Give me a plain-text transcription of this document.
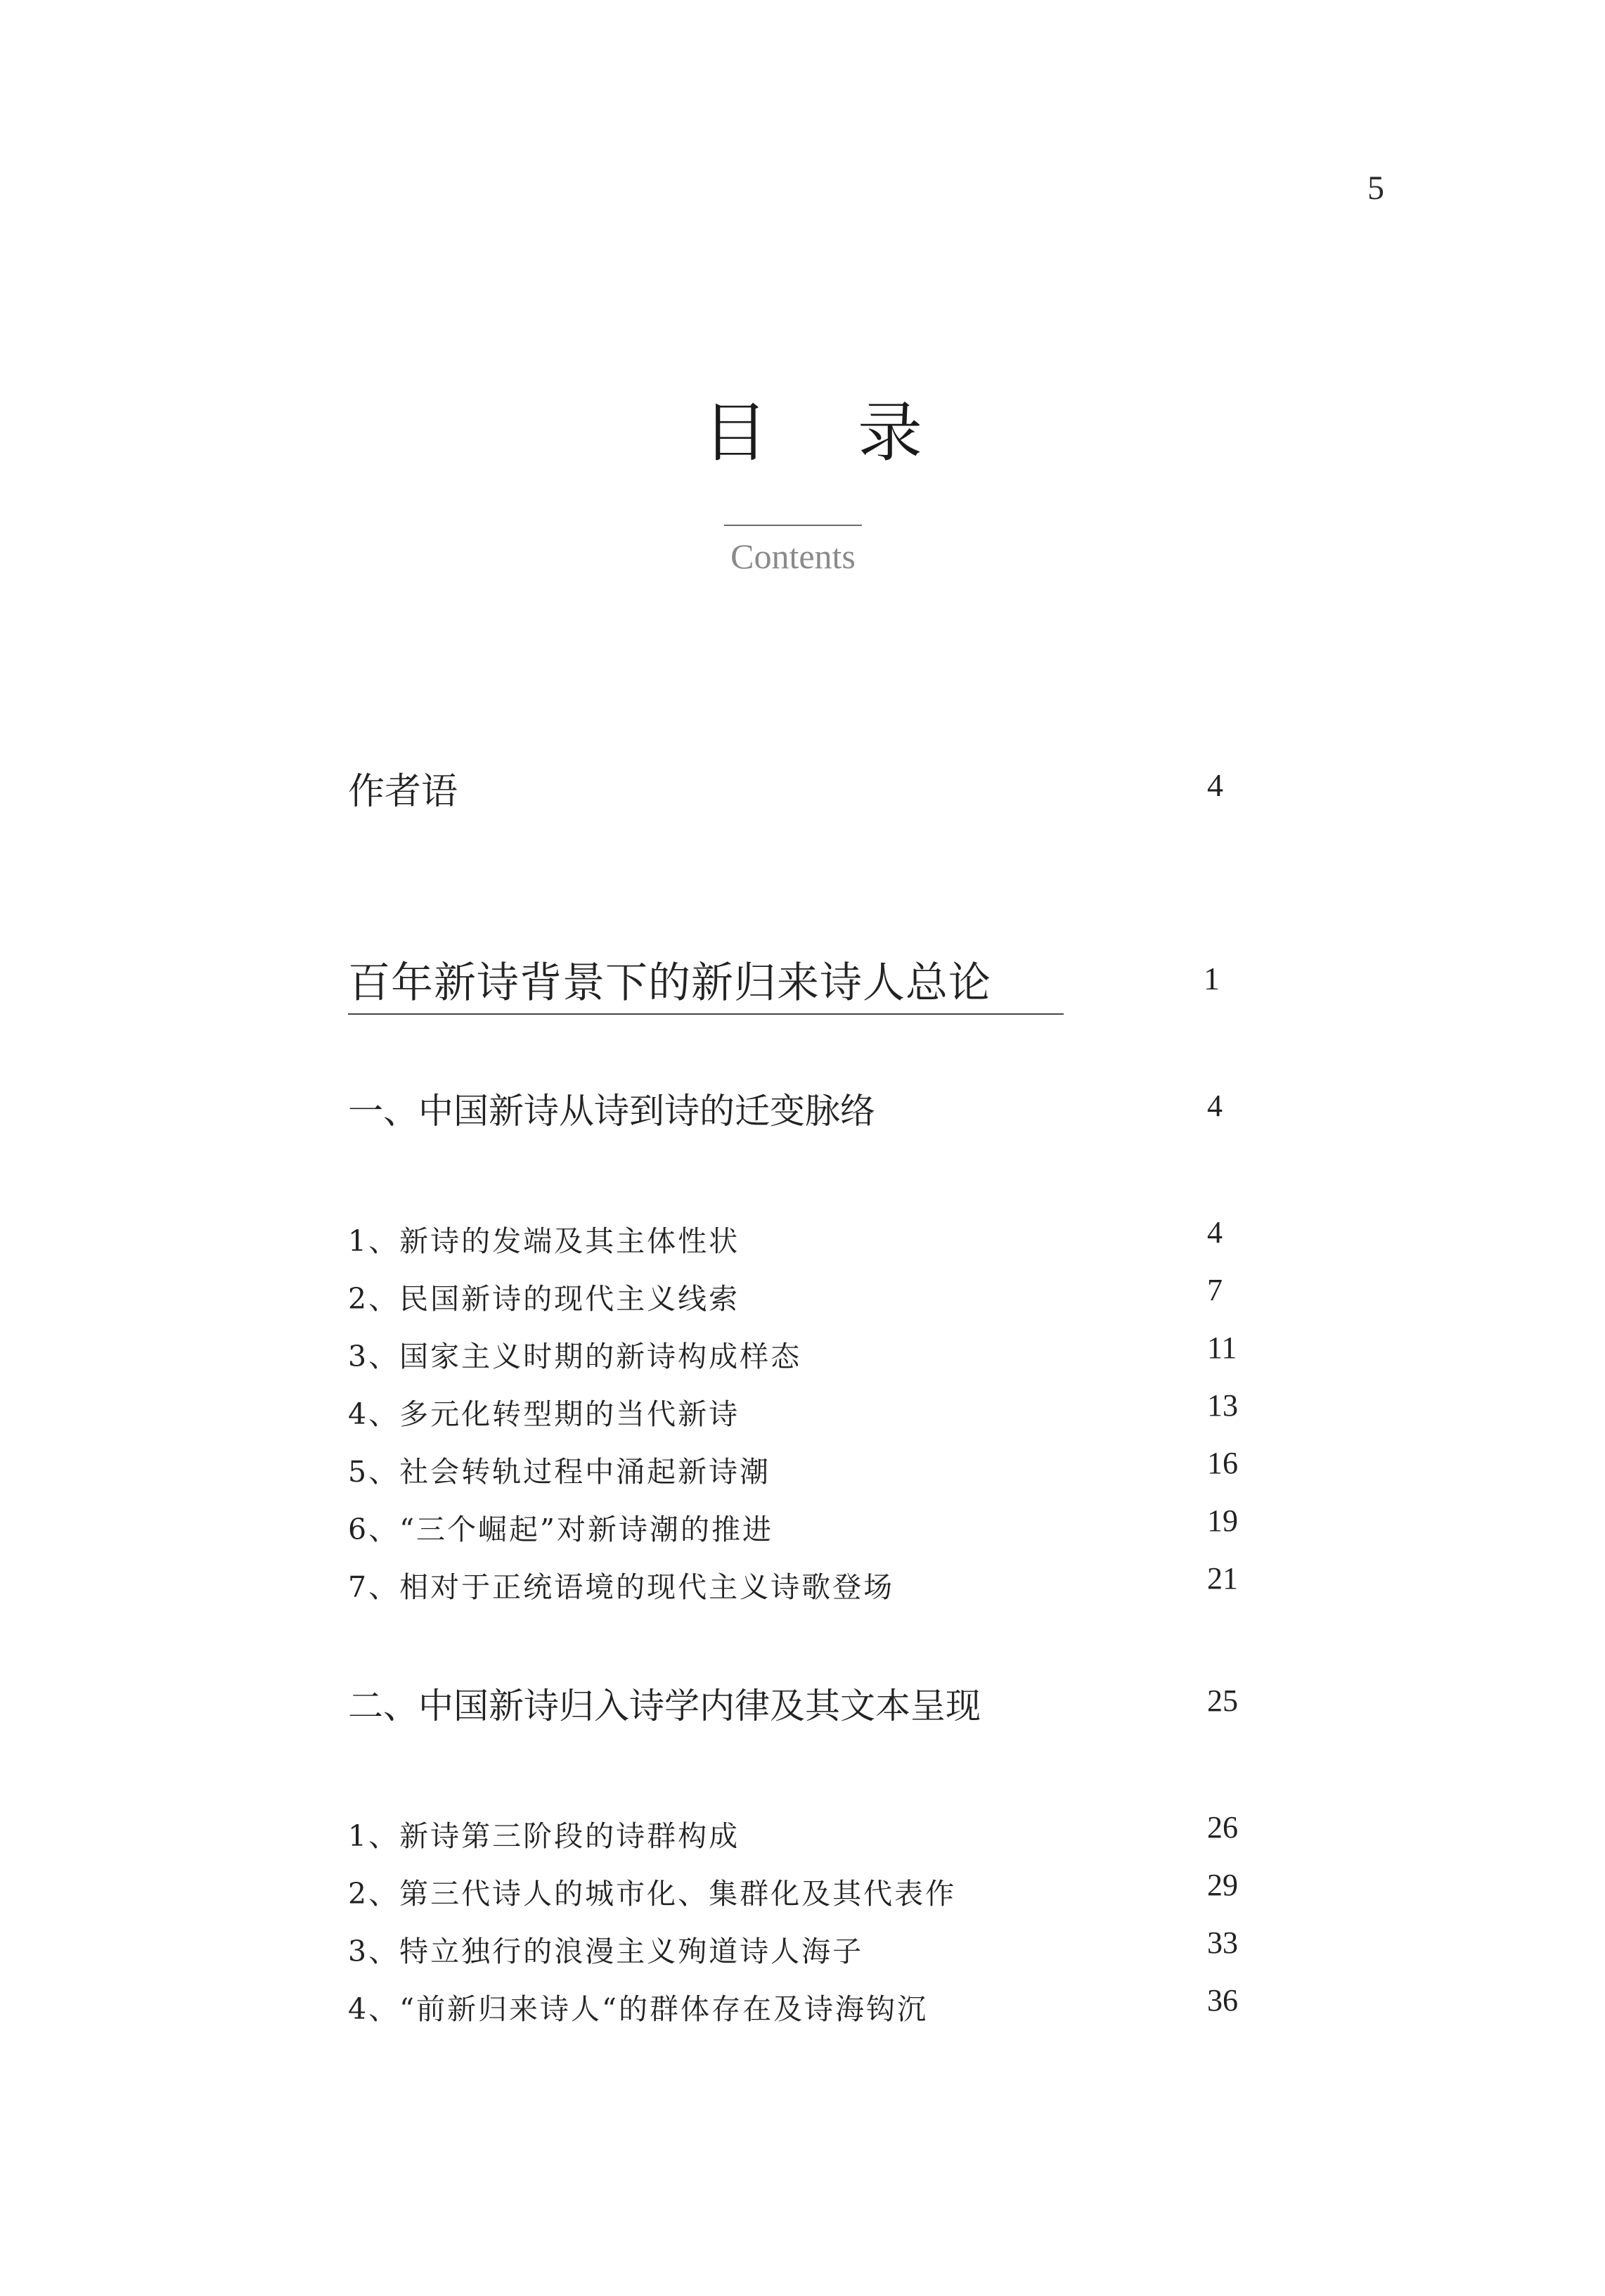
5
目录
Contents
作者语	4
百年新诗背景下的新归来诗人总论	1
一、中国新诗从诗到诗的迁变脉络	4
1、新诗的发端及其主体性状	4
2、民国新诗的现代主义线索	7
3、国家主义时期的新诗构成样态	11
4、多元化转型期的当代新诗	13
5、社会转轨过程中涌起新诗潮	16
6、“三个崛起”对新诗潮的推进	19
7、相对于正统语境的现代主义诗歌登场	21
二、中国新诗归入诗学内律及其文本呈现	25
1、新诗第三阶段的诗群构成	26
2、第三代诗人的城市化、集群化及其代表作	29
3、特立独行的浪漫主义殉道诗人海子	33
4、“前新归来诗人“的群体存在及诗海钩沉	36
